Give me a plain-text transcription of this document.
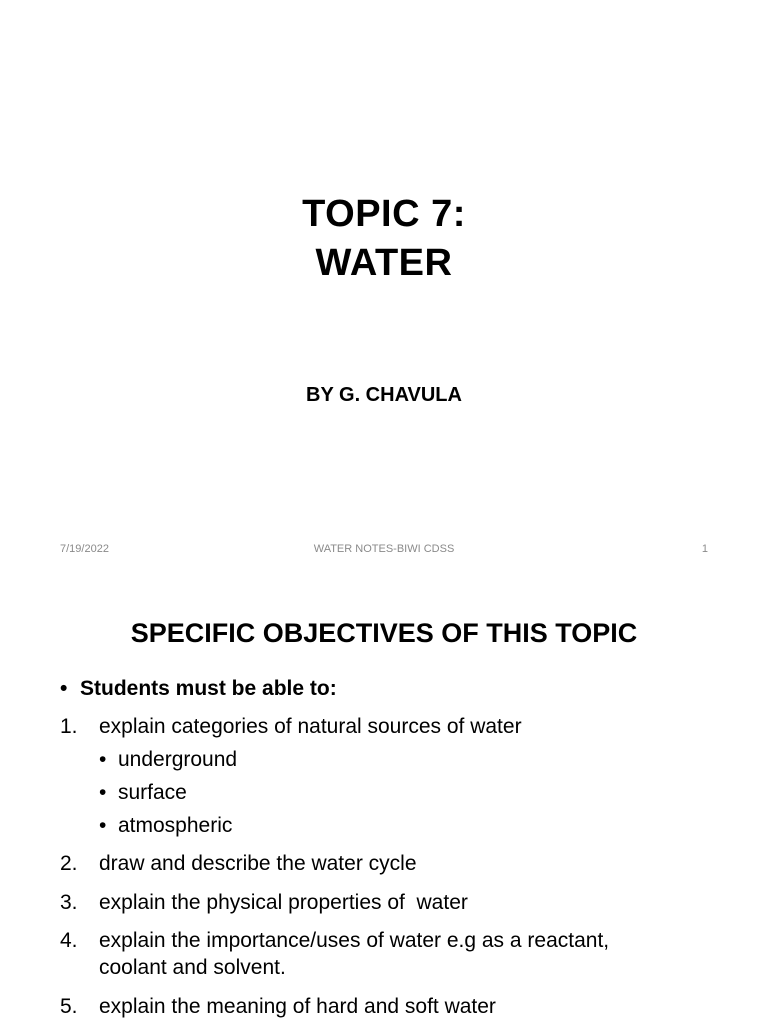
TOPIC 7:
WATER
BY G. CHAVULA
7/19/2022	WATER NOTES-BIWI CDSS	1
SPECIFIC OBJECTIVES OF THIS TOPIC
• Students must be able to:
1. explain categories of natural sources of water
• underground
• surface
• atmospheric
2. draw and describe the water cycle
3. explain the physical properties of  water
4. explain the importance/uses of water e.g as a reactant,
coolant and solvent.
5. explain the meaning of hard and soft water
